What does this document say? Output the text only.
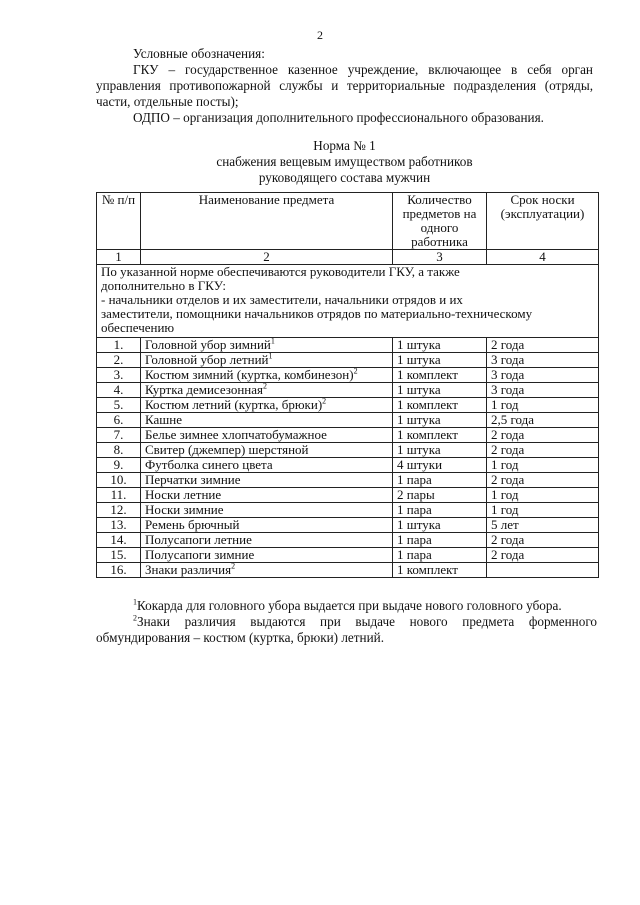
2

Условные обозначения:

ГКУ – государственное казенное учреждение, включающее в себя орган управления противопожарной службы и территориальные подразделения (отряды, части, отдельные посты);

ОДПО – организация дополнительного профессионального образования.

Норма № 1
снабжения вещевым имуществом работников
руководящего состава мужчин
№ п/п	Наименование предмета	Количество предметов на одного работника	Срок носки (эксплуатации)
1	2	3	4

По указанной норме обеспечиваются руководители ГКУ, а также
дополнительно в ГКУ:
- начальники отделов и их заместители, начальники отрядов и их
заместители, помощники начальников отрядов по материально-техническому
обеспечению			

1.	Головной убор зимний$^1$	1 штука	2 года
2.	Головной убор летний$^1$	1 штука	3 года
3.	Костюм зимний (куртка, комбинезон)$^2$	1 комплект	3 года
4.	Куртка демисезонная$^2$	1 штука	3 года
5.	Костюм летний (куртка, брюки)$^2$	1 комплект	1 год
6.	Кашне	1 штука	2,5 года
7.	Белье зимнее хлопчатобумажное	1 комплект	2 года
8.	Свитер (джемпер) шерстяной	1 штука	2 года
9.	Футболка синего цвета	4 штуки	1 год
10.	Перчатки зимние	1 пара	2 года
11.	Носки летние	2 пары	1 год
12.	Носки зимние	1 пара	1 год
13.	Ремень брючный	1 штука	5 лет
14.	Полусапоги летние	1 пара	2 года
15.	Полусапоги зимние	1 пара	2 года
16.	Знаки различия$^2$	1 комплект	

$^1$Кокарда для головного убора выдается при выдаче нового головного убора.

$^2$Знаки различия выдаются при выдаче нового предмета форменного обмундирования – костюм (куртка, брюки) летний.
